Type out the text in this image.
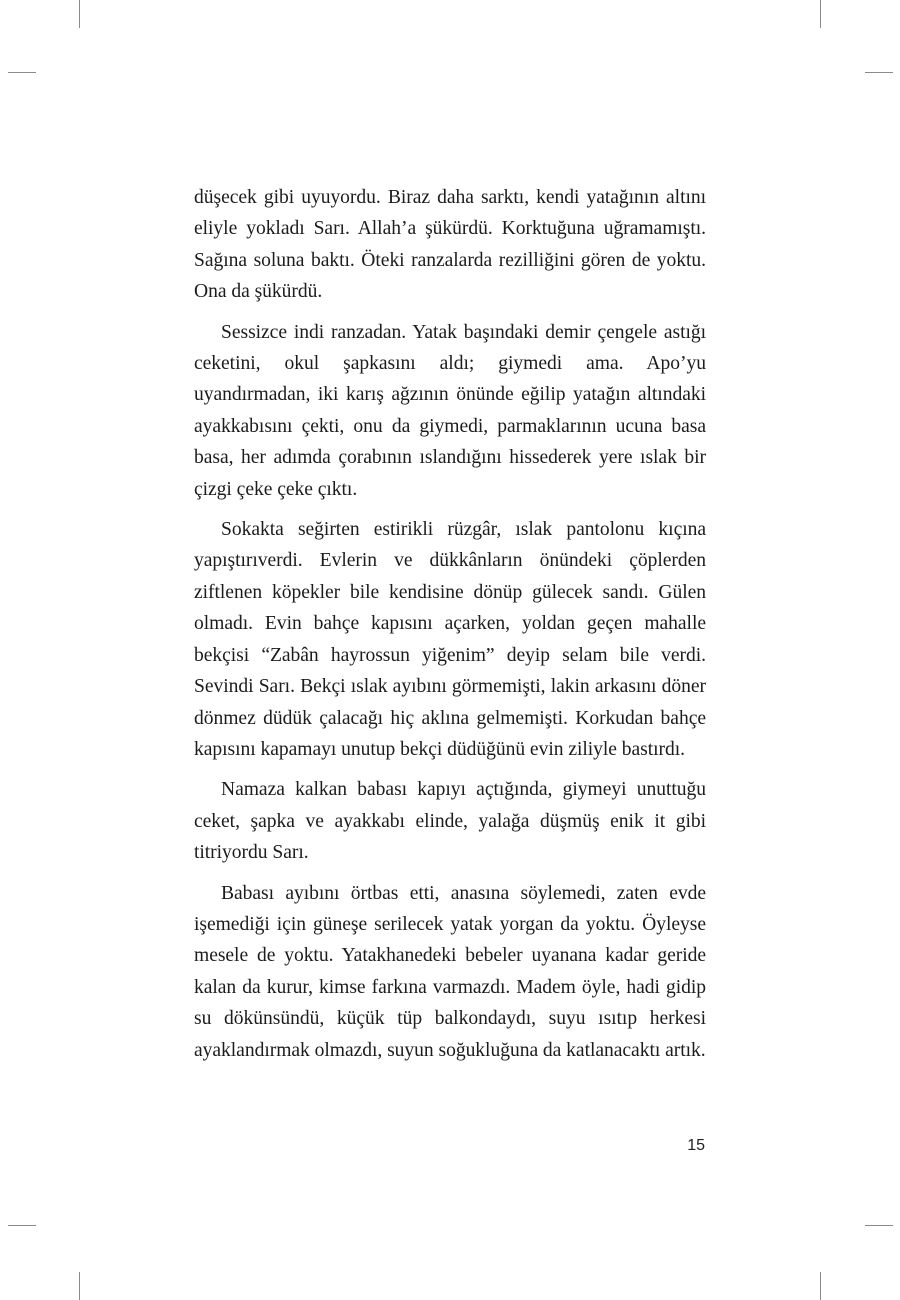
düşecek gibi uyuyordu. Biraz daha sarktı, kendi yatağının altını eliyle yokladı Sarı. Allah’a şükürdü. Korktuğuna uğramamıştı. Sağına soluna baktı. Öteki ranzalarda rezilliğini gören de yoktu. Ona da şükürdü.

Sessizce indi ranzadan. Yatak başındaki demir çengele astığı ceketini, okul şapkasını aldı; giymedi ama. Apo’yu uyandırmadan, iki karış ağzının önünde eğilip yatağın altındaki ayakkabısını çekti, onu da giymedi, parmaklarının ucuna basa basa, her adımda çorabının ıslandığını hissederek yere ıslak bir çizgi çeke çeke çıktı.

Sokakta seğirten estirikli rüzgâr, ıslak pantolonu kıçına yapıştırıverdi. Evlerin ve dükkânların önündeki çöplerden ziftlenen köpekler bile kendisine dönüp gülecek sandı. Gülen olmadı. Evin bahçe kapısını açarken, yoldan geçen mahalle bekçisi “Zabân hayrossun yiğenim” deyip selam bile verdi. Sevindi Sarı. Bekçi ıslak ayıbını görmemişti, lakin arkasını döner dönmez düdük çalacağı hiç aklına gelmemişti. Korkudan bahçe kapısını kapamayı unutup bekçi düdüğünü evin ziliyle bastırdı.

Namaza kalkan babası kapıyı açtığında, giymeyi unuttuğu ceket, şapka ve ayakkabı elinde, yalağa düşmüş enik it gibi titriyordu Sarı.

Babası ayıbını örtbas etti, anasına söylemedi, zaten evde işemediği için güneşe serilecek yatak yorgan da yoktu. Öyleyse mesele de yoktu. Yatakhanedeki bebeler uyanana kadar geride kalan da kurur, kimse farkına varmazdı. Madem öyle, hadi gidip su dökünsündü, küçük tüp balkondaydı, suyu ısıtıp herkesi ayaklandırmak olmazdı, suyun soğukluğuna da katlanacaktı artık.

15
